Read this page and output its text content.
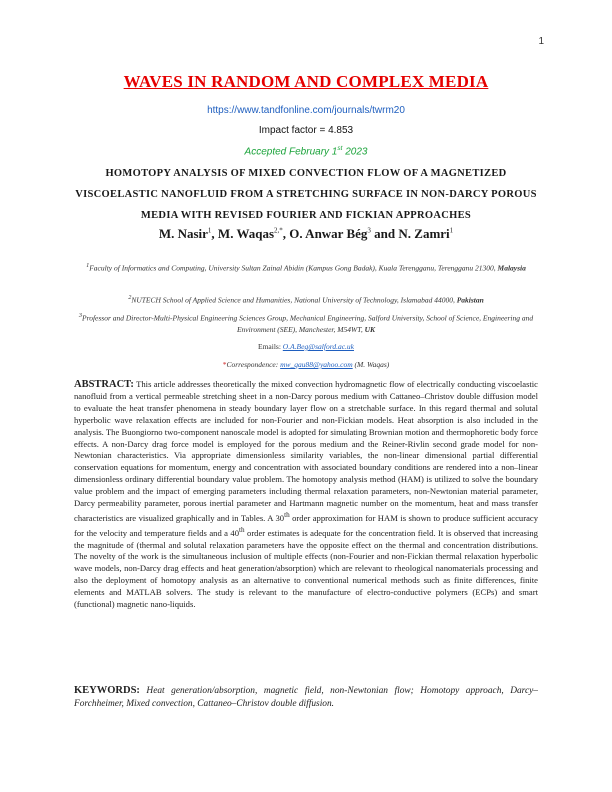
1
WAVES IN RANDOM AND COMPLEX MEDIA
https://www.tandfonline.com/journals/twrm20
Impact factor = 4.853
Accepted February 1st 2023
HOMOTOPY ANALYSIS OF MIXED CONVECTION FLOW OF A MAGNETIZED VISCOELASTIC NANOFLUID FROM A STRETCHING SURFACE IN NON-DARCY POROUS MEDIA WITH REVISED FOURIER AND FICKIAN APPROACHES
M. Nasir$^1$, M. Waqas$^{2,*}$, O. Anwar Bég$^3$ and N. Zamri$^1$
$^1$Faculty of Informatics and Computing, University Sultan Zainal Abidin (Kampus Gong Badak), Kuala Terengganu, Terengganu 21300, Malaysia
$^2$NUTECH School of Applied Science and Humanities, National University of Technology, Islamabad 44000, Pakistan
$^3$Professor and Director-Multi-Physical Engineering Sciences Group, Mechanical Engineering, Salford University, School of Science, Engineering and Environment (SEE), Manchester, M54WT, UK
Emails: O.A.Beg@salford.ac.uk
*Correspondence: mw_qau88@yahoo.com (M. Waqas)
ABSTRACT: This article addresses theoretically the mixed convection hydromagnetic flow of electrically conducting viscoelastic nanofluid from a vertical permeable stretching sheet in a non-Darcy porous medium with Cattaneo–Christov double diffusion model to evaluate the heat transfer phenomena in steady boundary layer flow on a stretchable surface. In this regard thermal and solutal hyperbolic wave relaxation effects are included for non-Fourier and non-Fickian models. Heat absorption is also included in the analysis. The Buongiorno two-component nanoscale model is adopted for simulating Brownian motion and thermophoretic body force effects. A non-Darcy drag force model is employed for the porous medium and the Reiner-Rivlin second grade model for non-Newtonian characteristics. Via appropriate dimensionless similarity variables, the non-linear dimensional partial differential conservation equations for momentum, energy and concentration with associated boundary conditions are rendered into a non–linear dimensionless ordinary differential boundary value problem. The homotopy analysis method (HAM) is utilized to solve the boundary value problem and the impact of emerging parameters including thermal relaxation parameters, non-Newtonian material parameter, Darcy permeability parameter, porous inertial parameter and Hartmann magnetic number on the momentum, heat and mass transfer characteristics are visualized graphically and in Tables. A 30th order approximation for HAM is shown to produce sufficient accuracy for the velocity and temperature fields and a 40th order estimates is adequate for the concentration field. It is observed that increasing the magnitude of (thermal and solutal relaxation parameters have the opposite effect on the thermal and concentration distributions. The novelty of the work is the simultaneous inclusion of multiple effects (non-Fourier and non-Fickian thermal relaxation hyperbolic wave models, non-Darcy drag effects and heat generation/absorption) which are relevant to rheological nanomaterials processing and also the deployment of homotopy analysis as an alternative to conventional numerical methods such as finite differences, finite elements and MATLAB solvers. The study is relevant to the manufacture of electro-conductive polymers (ECPs) and smart (functional) magnetic nano-liquids.
KEYWORDS: Heat generation/absorption, magnetic field, non-Newtonian flow; Homotopy approach, Darcy–Forchheimer, Mixed convection, Cattaneo–Christov double diffusion.
